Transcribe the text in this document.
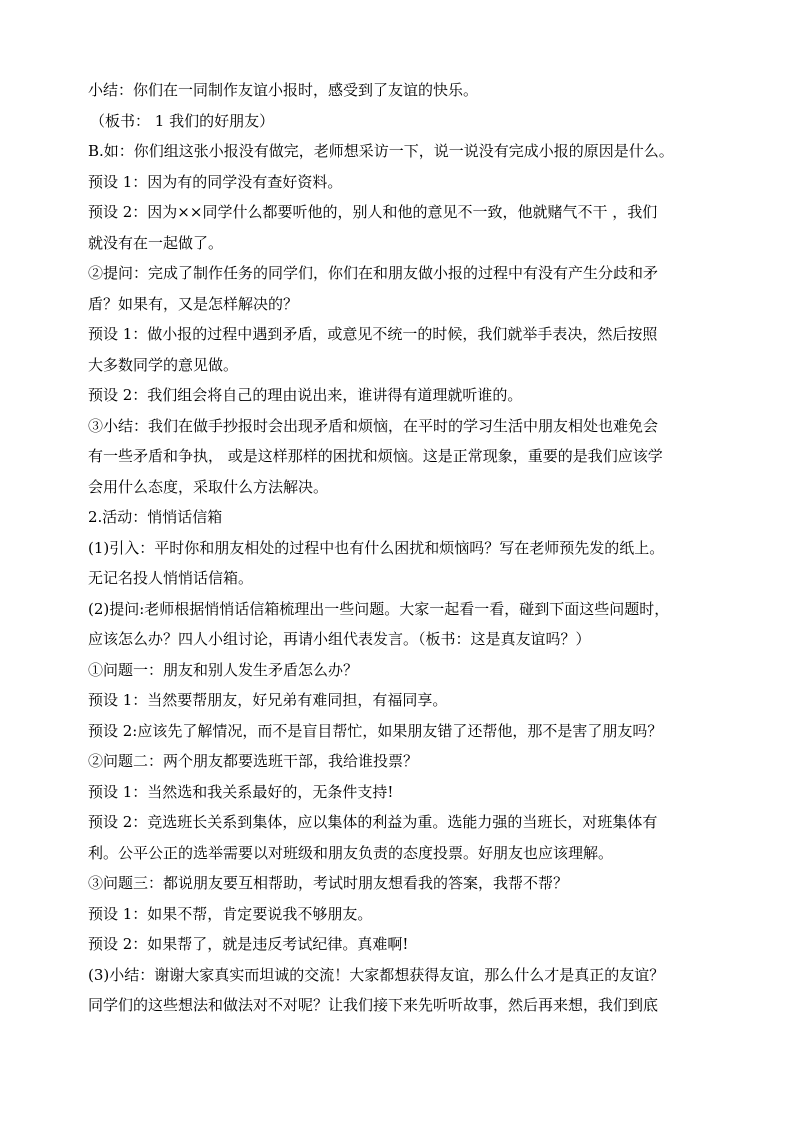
小结：你们在一同制作友谊小报时，感受到了友谊的快乐。
（板书： 1 我们的好朋友）
B.如：你们组这张小报没有做完，老师想采访一下，说一说没有完成小报的原因是什么。
预设 1：因为有的同学没有查好资料。
预设 2：因为××同学什么都要听他的，别人和他的意见不一致，他就赌气不干 ，我们
就没有在一起做了。
②提问：完成了制作任务的同学们，你们在和朋友做小报的过程中有没有产生分歧和矛
盾？如果有，又是怎样解决的？
预设 1：做小报的过程中遇到矛盾，或意见不统一的时候，我们就举手表决，然后按照
大多数同学的意见做。
预设 2：我们组会将自己的理由说出来，谁讲得有道理就听谁的。
③小结：我们在做手抄报时会出现矛盾和烦恼，在平时的学习生活中朋友相处也难免会
有一些矛盾和争执， 或是这样那样的困扰和烦恼。这是正常现象，重要的是我们应该学
会用什么态度，采取什么方法解决。
2.活动：悄悄话信箱
(1)引入：平时你和朋友相处的过程中也有什么困扰和烦恼吗？写在老师预先发的纸上。
无记名投人悄悄话信箱。
(2)提问:老师根据悄悄话信箱梳理出一些问题。大家一起看一看，碰到下面这些问题时，
应该怎么办？四人小组讨论，再请小组代表发言。（板书：这是真友谊吗？）
①问题一：朋友和别人发生矛盾怎么办？
预设 1：当然要帮朋友，好兄弟有难同担，有福同享。
预设 2:应该先了解情况，而不是盲目帮忙，如果朋友错了还帮他，那不是害了朋友吗？
②问题二：两个朋友都要选班干部，我给谁投票？
预设 1：当然选和我关系最好的，无条件支持!
预设 2：竞选班长关系到集体，应以集体的利益为重。选能力强的当班长，对班集体有
利。公平公正的选举需要以对班级和朋友负责的态度投票。好朋友也应该理解。
③问题三：都说朋友要互相帮助，考试时朋友想看我的答案，我帮不帮？
预设 1：如果不帮，肯定要说我不够朋友。
预设 2：如果帮了，就是违反考试纪律。真难啊!
(3)小结：谢谢大家真实而坦诚的交流！大家都想获得友谊，那么什么才是真正的友谊？
同学们的这些想法和做法对不对呢？让我们接下来先听听故事，然后再来想，我们到底
